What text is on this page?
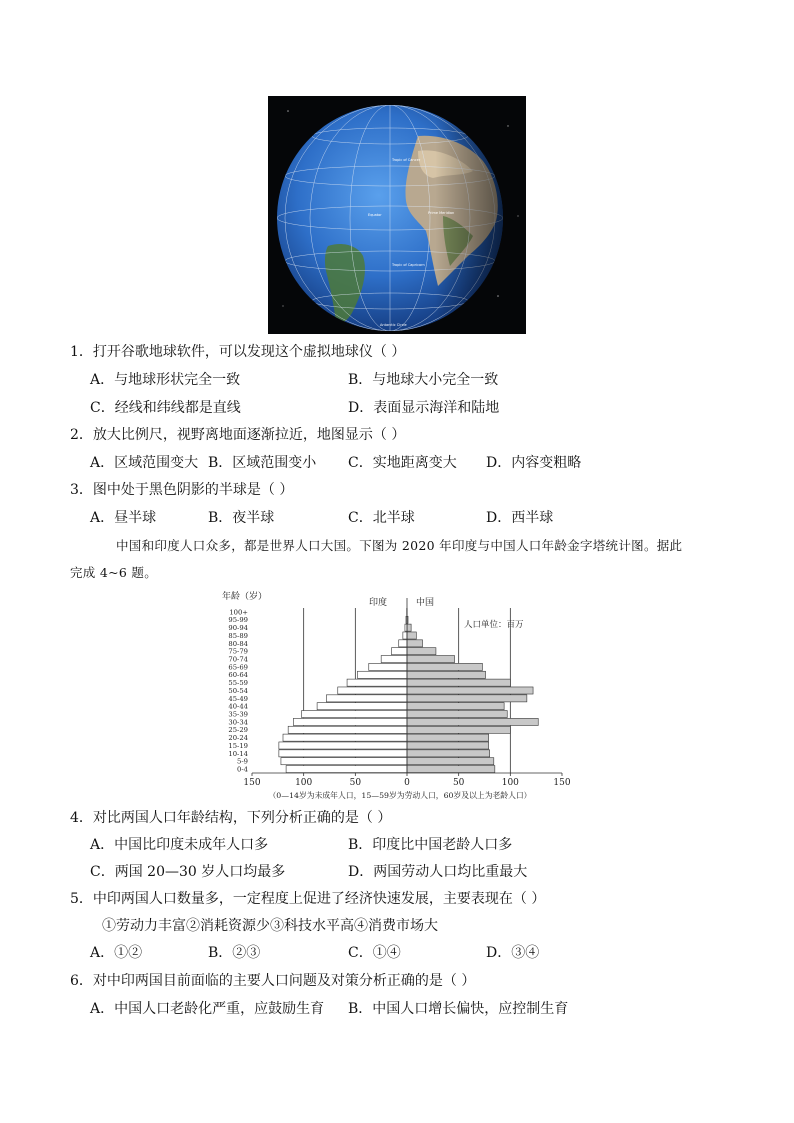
Tropic of Cancer
Equator
Tropic of Capricorn
Antarctic Circle
Prime Meridian
1．打开谷歌地球软件，可以发现这个虚拟地球仪（ ）
A．与地球形状完全一致	B．与地球大小完全一致
C．经线和纬线都是直线	D．表面显示海洋和陆地
2．放大比例尺，视野离地面逐渐拉近，地图显示（ ）
A．区域范围变大 B．区域范围变小 C．实地距离变大 D．内容变粗略
3．图中处于黑色阴影的半球是（ ）
A．昼半球	B．夜半球	C．北半球	D．西半球
中国和印度人口众多，都是世界人口大国。下图为 2020 年印度与中国人口年龄金字塔统计图。据此
完成 4~6 题。
年龄（岁）
印度	中国
人口单位：百万
（0—14岁为未成年人口，15—59岁为劳动人口，60岁及以上为老龄人口）
0-4
5-9
10-14
15-19
20-24
25-29
30-34
35-39
40-44
45-49
50-54
55-59
60-64
65-69
70-74
75-79
80-84
85-89
90-94
95-99
100+
150	100	50	0	50	100	150
4．对比两国人口年龄结构，下列分析正确的是（ ）
A．中国比印度未成年人口多	B．印度比中国老龄人口多
C．两国 20—30 岁人口均最多	D．两国劳动人口均比重最大
5．中印两国人口数量多，一定程度上促进了经济快速发展，主要表现在（ ）
①劳动力丰富②消耗资源少③科技水平高④消费市场大
A．①②	B．②③	C．①④	D．③④
6．对中印两国目前面临的主要人口问题及对策分析正确的是（ ）
A．中国人口老龄化严重，应鼓励生育 B．中国人口增长偏快，应控制生育
